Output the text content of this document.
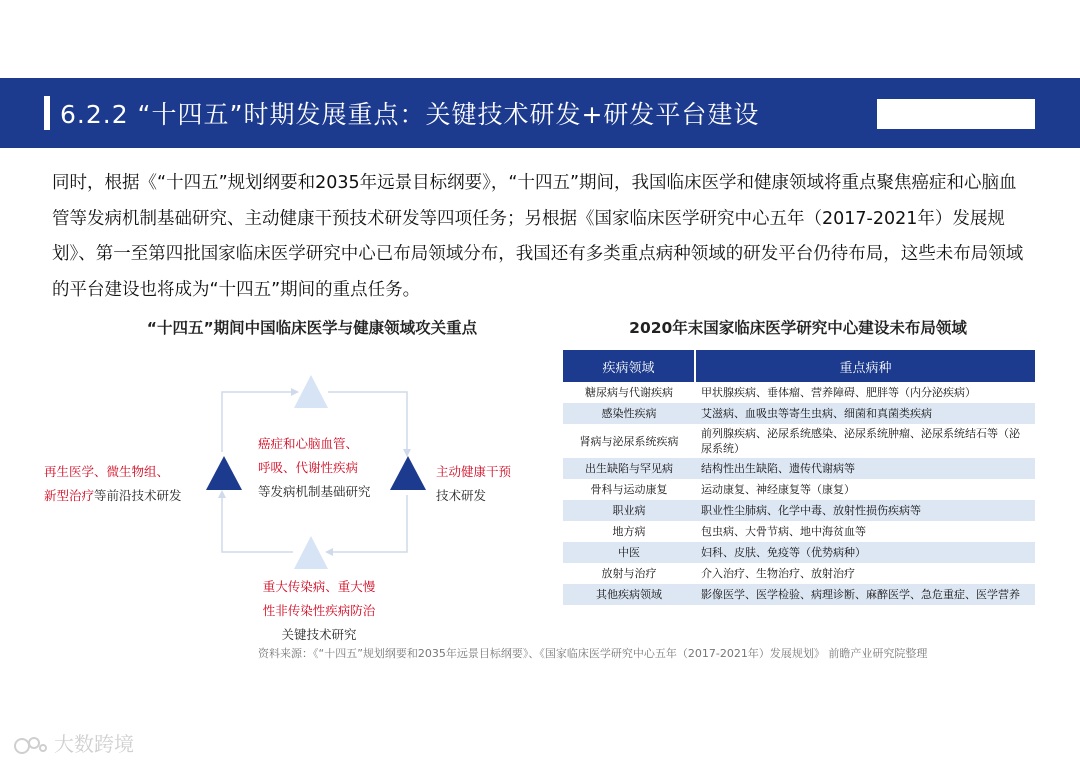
6.2.2 “十四五”时期发展重点：关键技术研发+研发平台建设
同时，根据《“十四五”规划纲要和2035年远景目标纲要》，“十四五”期间，我国临床医学和健康领域将重点聚焦癌症和心脑血管等发病机制基础研究、主动健康干预技术研发等四项任务；另根据《国家临床医学研究中心五年（2017-2021年）发展规划》、第一至第四批国家临床医学研究中心已布局领域分布，我国还有多类重点病种领域的研发平台仍待布局，这些未布局领域的平台建设也将成为“十四五”期间的重点任务。
“十四五”期间中国临床医学与健康领域攻关重点	2020年末国家临床医学研究中心建设未布局领域
癌症和心脑血管、
呼吸、代谢性疾病
等发病机制基础研究
再生医学、微生物组、
新型治疗等前沿技术研发
主动健康干预
技术研发
重大传染病、重大慢
性非传染性疾病防治
关键技术研究
疾病领域	重点病种
糖尿病与代谢疾病	甲状腺疾病、垂体瘤、营养障碍、肥胖等（内分泌疾病）
感染性疾病	艾滋病、血吸虫等寄生虫病、细菌和真菌类疾病
肾病与泌尿系统疾病	前列腺疾病、泌尿系统感染、泌尿系统肿瘤、泌尿系统结石等（泌尿系统）
出生缺陷与罕见病	结构性出生缺陷、遗传代谢病等
骨科与运动康复	运动康复、神经康复等（康复）
职业病	职业性尘肺病、化学中毒、放射性损伤疾病等
地方病	包虫病、大骨节病、地中海贫血等
中医	妇科、皮肤、免疫等（优势病种）
放射与治疗	介入治疗、生物治疗、放射治疗
其他疾病领域	影像医学、医学检验、病理诊断、麻醉医学、急危重症、医学营养
资料来源：《“十四五”规划纲要和2035年远景目标纲要》、《国家临床医学研究中心五年（2017-2021年）发展规划》 前瞻产业研究院整理
大数跨境
